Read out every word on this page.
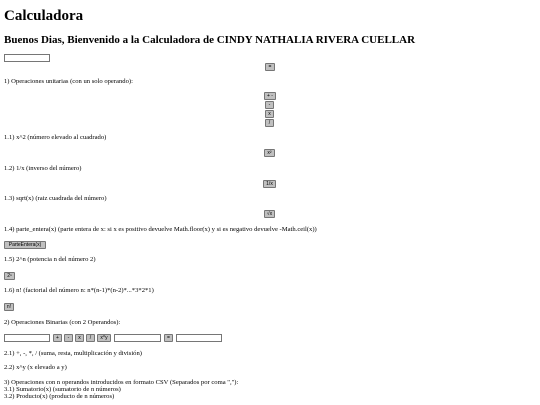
Calculadora
Buenos Dias, Bienvenido a la Calculadora de CINDY NATHALIA RIVERA CUELLAR
=
1) Operaciones unitarias (con un solo operando):
+ -
-
x
/
1.1) x^2 (número elevado al cuadrado)
x²
1.2) 1/x (inverso del número)
1/x
1.3) sqrt(x) (raiz cuadrada del número)
√x
1.4) parte_entera(x) (parte entera de x: si x es positivo devuelve Math.floor(x) y si es negativo devuelve -Math.ceil(x))
ParteEntera(x)
1.5) 2^n (potencia n del número 2)
2ⁿ
1.6) n! (factorial del número n: n*(n-1)*(n-2)*...*3*2*1)
n!
2) Operaciones Binarias (con 2 Operandos):
+	-	x	/	x^y	=
2.1) +, -, *, / (suma, resta, multiplicación y división)
2.2) x^y (x elevado a y)
3) Operaciones con n operandos introducidos en formato CSV (Separados por coma ","):
3.1) Sumatorio(x) (sumatorio de n números)
3.2) Producto(x) (producto de n números)
